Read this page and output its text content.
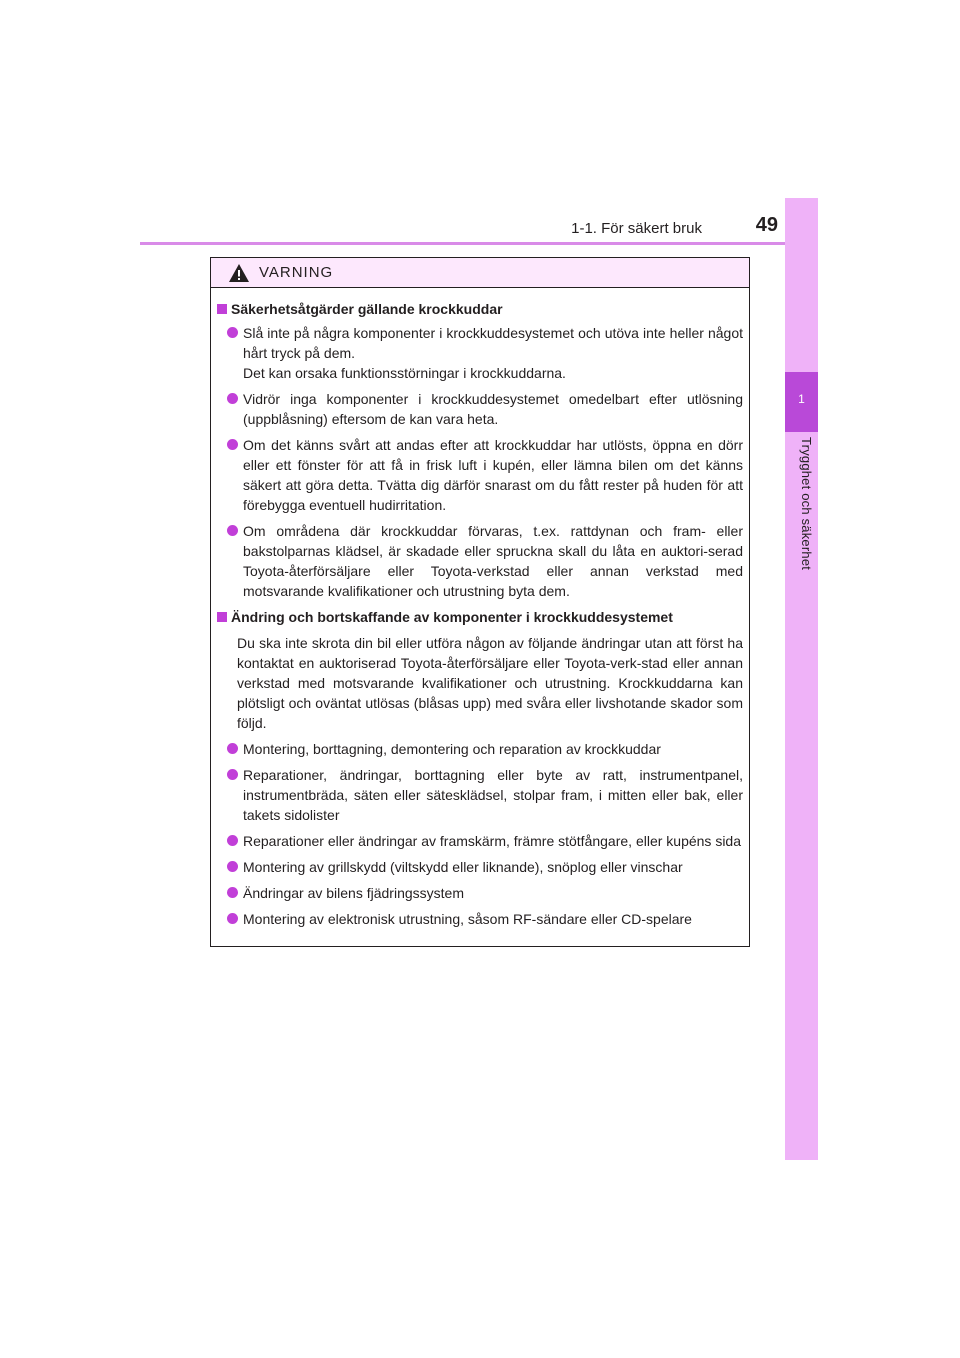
1-1. För säkert bruk	49
1
Trygghet och säkerhet
VARNING
Säkerhetsåtgärder gällande krockkuddar
Slå inte på några komponenter i krockkuddesystemet och utöva inte heller något hårt tryck på dem.
Det kan orsaka funktionsstörningar i krockkuddarna.
Vidrör inga komponenter i krockkuddesystemet omedelbart efter utlösning (uppblåsning) eftersom de kan vara heta.
Om det känns svårt att andas efter att krockkuddar har utlösts, öppna en dörr eller ett fönster för att få in frisk luft i kupén, eller lämna bilen om det känns säkert att göra detta. Tvätta dig därför snarast om du fått rester på huden för att förebygga eventuell hudirritation.
Om områdena där krockkuddar förvaras, t.ex. rattdynan och fram- eller bakstolparnas klädsel, är skadade eller spruckna skall du låta en auktori-serad Toyota-återförsäljare eller Toyota-verkstad eller annan verkstad med motsvarande kvalifikationer och utrustning byta dem.
Ändring och bortskaffande av komponenter i krockkuddesystemet
Du ska inte skrota din bil eller utföra någon av följande ändringar utan att först ha kontaktat en auktoriserad Toyota-återförsäljare eller Toyota-verk-stad eller annan verkstad med motsvarande kvalifikationer och utrustning. Krockkuddarna kan plötsligt och oväntat utlösas (blåsas upp) med svåra eller livshotande skador som följd.
Montering, borttagning, demontering och reparation av krockkuddar
Reparationer, ändringar, borttagning eller byte av ratt, instrumentpanel, instrumentbräda, säten eller sätesklädsel, stolpar fram, i mitten eller bak, eller takets sidolister
Reparationer eller ändringar av framskärm, främre stötfångare, eller kupéns sida
Montering av grillskydd (viltskydd eller liknande), snöplog eller vinschar
Ändringar av bilens fjädringssystem
Montering av elektronisk utrustning, såsom RF-sändare eller CD-spelare
